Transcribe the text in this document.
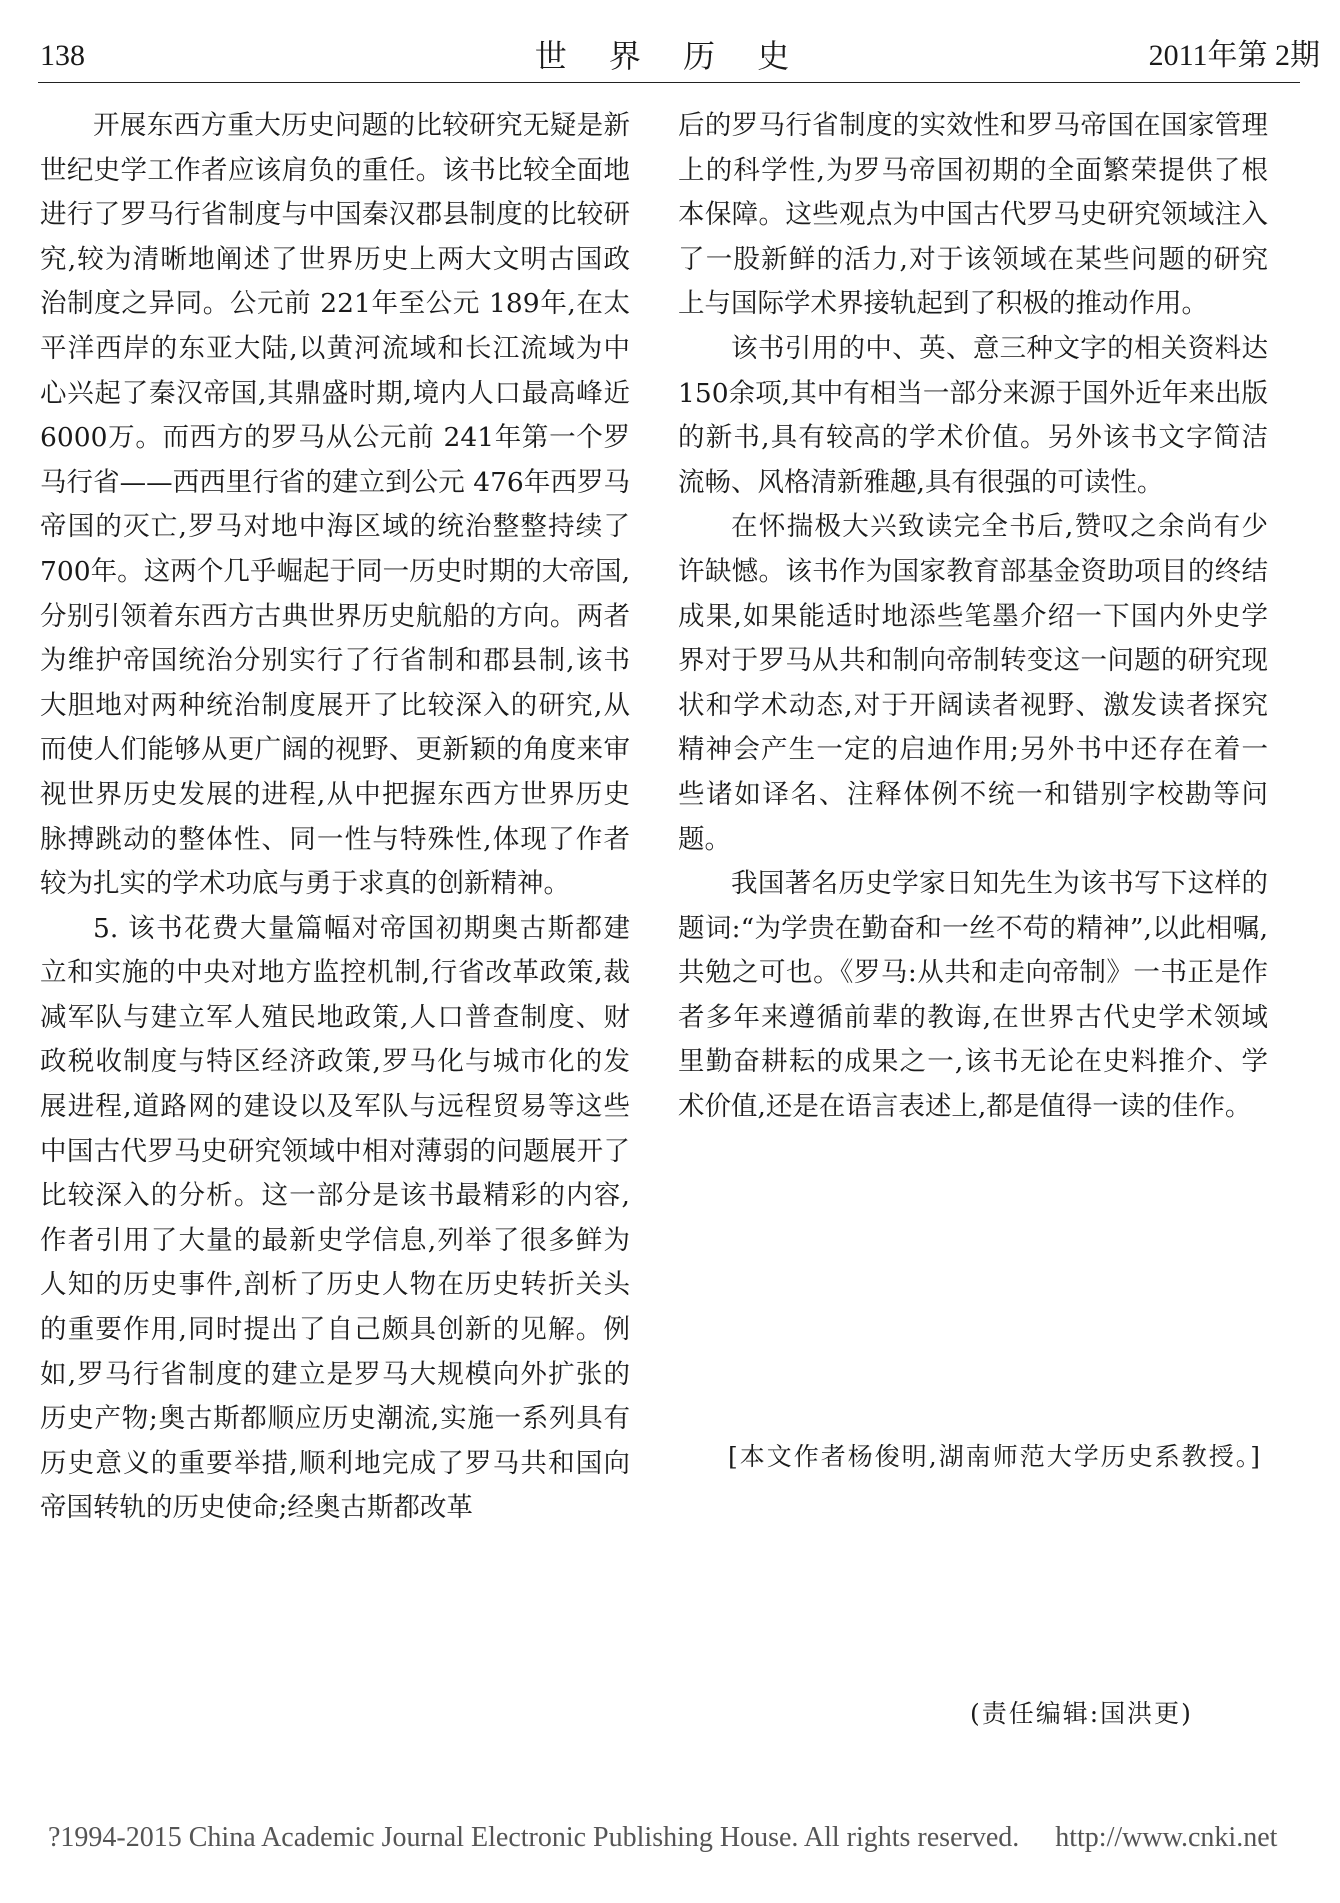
138	世 界 历 史	2011年第 2期

开展东西方重大历史问题的比较研究无疑是新世纪史学工作者应该肩负的重任。该书比较全面地进行了罗马行省制度与中国秦汉郡县制度的比较研究,较为清晰地阐述了世界历史上两大文明古国政治制度之异同。公元前 221年至公元 189年,在太平洋西岸的东亚大陆,以黄河流域和长江流域为中心兴起了秦汉帝国,其鼎盛时期,境内人口最高峰近 6000万。而西方的罗马从公元前 241年第一个罗马行省——西西里行省的建立到公元 476年西罗马帝国的灭亡,罗马对地中海区域的统治整整持续了 700年。这两个几乎崛起于同一历史时期的大帝国,分别引领着东西方古典世界历史航船的方向。两者为维护帝国统治分别实行了行省制和郡县制,该书大胆地对两种统治制度展开了比较深入的研究,从而使人们能够从更广阔的视野、更新颖的角度来审视世界历史发展的进程,从中把握东西方世界历史脉搏跳动的整体性、同一性与特殊性,体现了作者较为扎实的学术功底与勇于求真的创新精神。

5. 该书花费大量篇幅对帝国初期奥古斯都建立和实施的中央对地方监控机制,行省改革政策,裁减军队与建立军人殖民地政策,人口普查制度、财政税收制度与特区经济政策,罗马化与城市化的发展进程,道路网的建设以及军队与远程贸易等这些中国古代罗马史研究领域中相对薄弱的问题展开了比较深入的分析。这一部分是该书最精彩的内容,作者引用了大量的最新史学信息,列举了很多鲜为人知的历史事件,剖析了历史人物在历史转折关头的重要作用,同时提出了自己颇具创新的见解。例如,罗马行省制度的建立是罗马大规模向外扩张的历史产物;奥古斯都顺应历史潮流,实施一系列具有历史意义的重要举措,顺利地完成了罗马共和国向帝国转轨的历史使命;经奥古斯都改革

后的罗马行省制度的实效性和罗马帝国在国家管理上的科学性,为罗马帝国初期的全面繁荣提供了根本保障。这些观点为中国古代罗马史研究领域注入了一股新鲜的活力,对于该领域在某些问题的研究上与国际学术界接轨起到了积极的推动作用。

该书引用的中、英、意三种文字的相关资料达 150余项,其中有相当一部分来源于国外近年来出版的新书,具有较高的学术价值。另外该书文字简洁流畅、风格清新雅趣,具有很强的可读性。

在怀揣极大兴致读完全书后,赞叹之余尚有少许缺憾。该书作为国家教育部基金资助项目的终结成果,如果能适时地添些笔墨介绍一下国内外史学界对于罗马从共和制向帝制转变这一问题的研究现状和学术动态,对于开阔读者视野、激发读者探究精神会产生一定的启迪作用;另外书中还存在着一些诸如译名、注释体例不统一和错别字校勘等问题。

我国著名历史学家日知先生为该书写下这样的题词:“为学贵在勤奋和一丝不苟的精神”,以此相嘱,共勉之可也。《罗马:从共和走向帝制》一书正是作者多年来遵循前辈的教诲,在世界古代史学术领域里勤奋耕耘的成果之一,该书无论在史料推介、学术价值,还是在语言表述上,都是值得一读的佳作。

[本文作者杨俊明,湖南师范大学历史系教授。]
(责任编辑:国洪更)
?1994-2015 China Academic Journal Electronic Publishing House. All rights reserved. http://www.cnki.net
